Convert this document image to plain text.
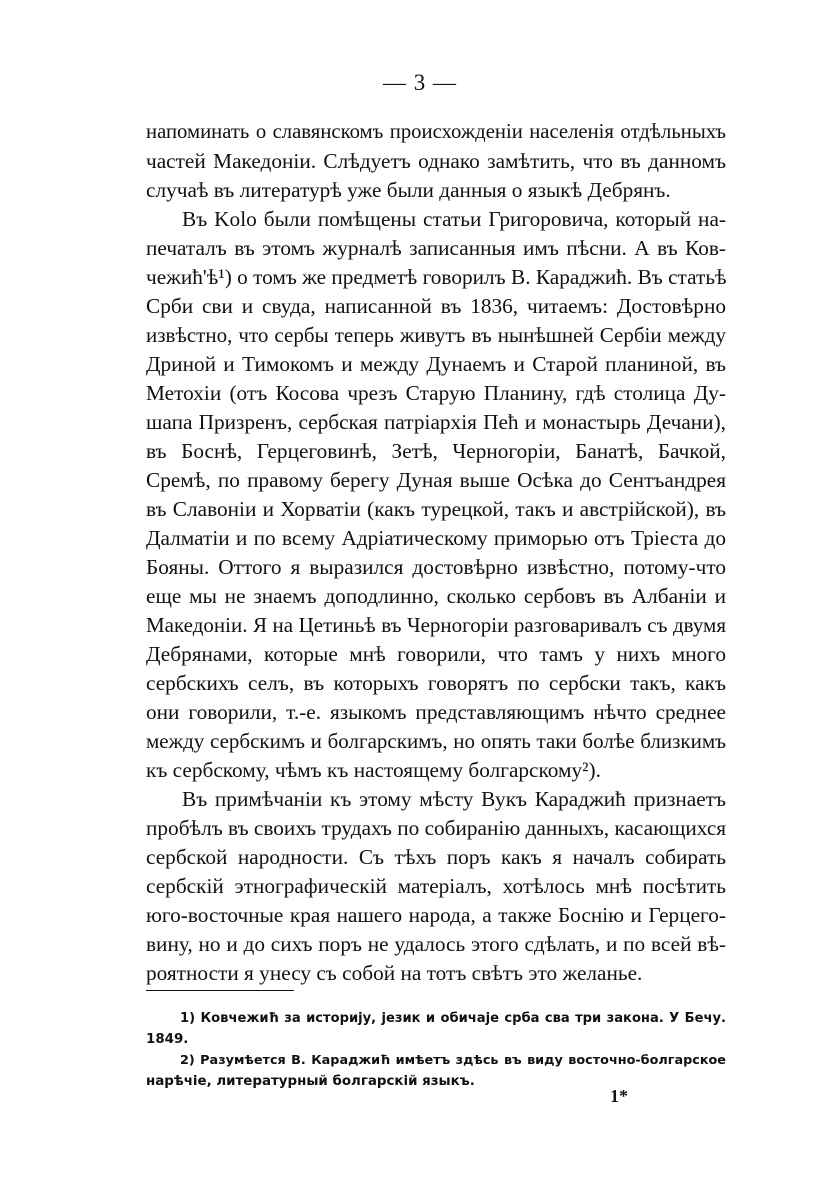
— 3 —

напоминать о славянскомъ происхожденіи населенія отдѣльныхъ
частей Македоніи. Слѣдуетъ однако замѣтить, что въ данномъ
случаѣ въ литературѣ уже были данныя о языкѣ Дебрянъ.

Въ Kolo были помѣщены статьи Григоровича, который на-
печаталъ въ этомъ журналѣ записанныя имъ пѣсни. А въ Ков-
чежиħ'ѣ¹) о томъ же предметѣ говорилъ В. Караджиħ. Въ статьѣ
Срби сви и свуда, написанной въ 1836, читаемъ: Достовѣрно
извѣстно, что сербы теперь живутъ въ нынѣшней Сербіи между
Дриной и Тимокомъ и между Дунаемъ и Старой планиной, въ
Метохіи (отъ Косова чрезъ Старую Планину, гдѣ столица Ду-
шапа Призренъ, сербская патріархія Пеħ и монастырь Дечани),
въ Боснѣ, Герцеговинѣ, Зетѣ, Черногоріи, Банатѣ, Бачкой,
Сремѣ, по правому берегу Дуная выше Осѣка до Сентъандрея
въ Славоніи и Хорватіи (какъ турецкой, такъ и австрійской), въ
Далматіи и по всему Адріатическому приморью отъ Тріеста до
Бояны. Оттого я выразился достовѣрно извѣстно, потому-что
еще мы не знаемъ доподлинно, сколько сербовъ въ Албаніи и
Македоніи. Я на Цетиньѣ въ Черногоріи разговаривалъ съ двумя
Дебрянами, которые мнѣ говорили, что тамъ у нихъ много
сербскихъ селъ, въ которыхъ говорятъ по сербски такъ, какъ
они говорили, т.-е. языкомъ представляющимъ нѣчто среднее
между сербскимъ и болгарскимъ, но опять таки болѣе близкимъ
къ сербскому, чѣмъ къ настоящему болгарскому²).

Въ примѣчаніи къ этому мѣсту Вукъ Караджиħ признаетъ
пробѣлъ въ своихъ трудахъ по собиранію данныхъ, касающихся
сербской народности. Съ тѣхъ поръ какъ я началъ собирать
сербскій этнографическій матеріалъ, хотѣлось мнѣ посѣтить
юго-восточные края нашего народа, а также Боснію и Герцего-
вину, но и до сихъ поръ не удалось этого сдѣлать, и по всей вѣ-
роятности я унесу съ собой на тотъ свѣтъ это желанье.

1) Ковчежиħ за историју, језик и обичаје срба сва три закона. У Бечу.
1849.
2) Разумѣется В. Караджиħ имѣетъ здѣсь въ виду восточно-болгарское
нарѣчіе, литературный болгарскій языкъ.
1*
